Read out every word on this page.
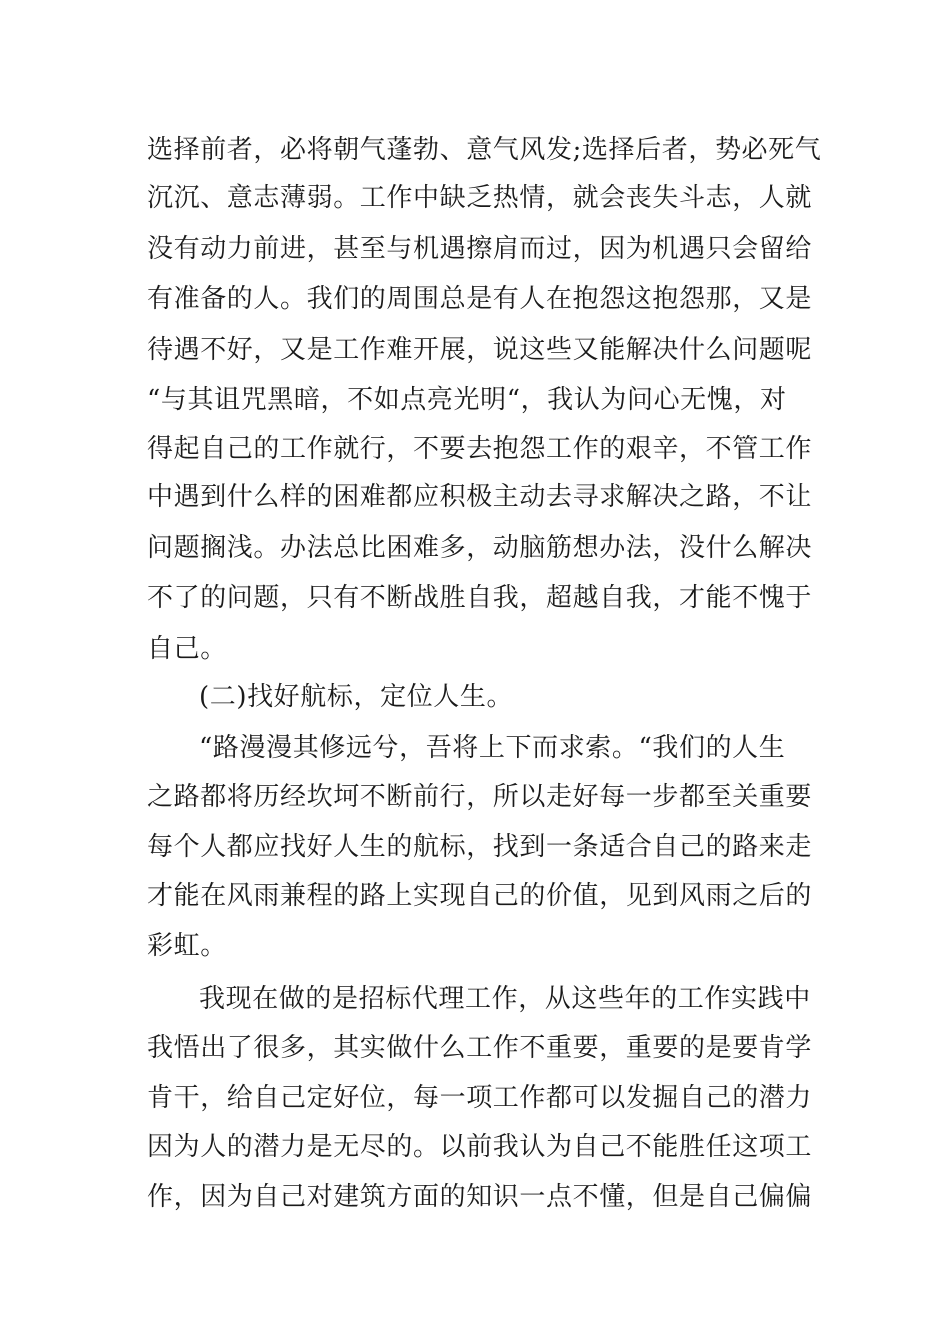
选择前者，必将朝气蓬勃、意气风发;选择后者，势必死气
沉沉、意志薄弱。工作中缺乏热情，就会丧失斗志，人就
没有动力前进，甚至与机遇擦肩而过，因为机遇只会留给
有准备的人。我们的周围总是有人在抱怨这抱怨那，又是
待遇不好，又是工作难开展，说这些又能解决什么问题呢
“与其诅咒黑暗，不如点亮光明“，我认为问心无愧，对
得起自己的工作就行，不要去抱怨工作的艰辛，不管工作
中遇到什么样的困难都应积极主动去寻求解决之路，不让
问题搁浅。办法总比困难多，动脑筋想办法，没什么解决
不了的问题，只有不断战胜自我，超越自我，才能不愧于
自己。
(二)找好航标，定位人生。
“路漫漫其修远兮，吾将上下而求索。“我们的人生
之路都将历经坎坷不断前行，所以走好每一步都至关重要
每个人都应找好人生的航标，找到一条适合自己的路来走
才能在风雨兼程的路上实现自己的价值，见到风雨之后的
彩虹。
我现在做的是招标代理工作，从这些年的工作实践中
我悟出了很多，其实做什么工作不重要，重要的是要肯学
肯干，给自己定好位，每一项工作都可以发掘自己的潜力
因为人的潜力是无尽的。以前我认为自己不能胜任这项工
作，因为自己对建筑方面的知识一点不懂，但是自己偏偏
